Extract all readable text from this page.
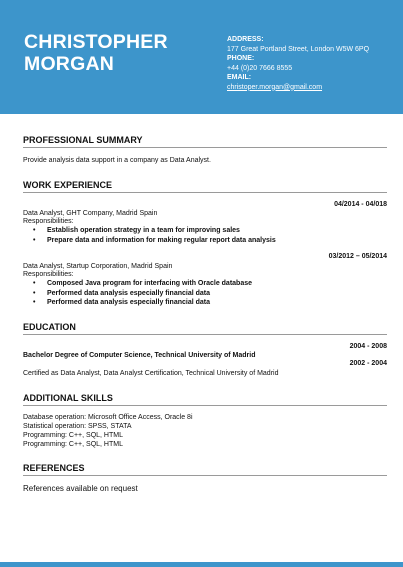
CHRISTOPHER
MORGAN
ADDRESS:
177 Great Portland Street, London W5W 6PQ
PHONE:
+44 (0)20 7666 8555
EMAIL:
christoper.morgan@gmail.com
PROFESSIONAL SUMMARY
Provide analysis data support in a company as Data Analyst.
WORK EXPERIENCE
04/2014 - 04/018
Data Analyst, GHT Company, Madrid Spain
Responsibilities:
• Establish operation strategy in a team for improving sales
• Prepare data and information for making regular report data analysis
03/2012 – 05/2014
Data Analyst, Startup Corporation, Madrid Spain
Responsibilities:
• Composed Java program for interfacing with Oracle database
• Performed data analysis especially financial data
• Performed data analysis especially financial data
EDUCATION
2004 - 2008
Bachelor Degree of Computer Science, Technical University of Madrid
2002 - 2004
Certified as Data Analyst, Data Analyst Certification, Technical University of Madrid
ADDITIONAL SKILLS
Database operation: Microsoft Office Access, Oracle 8i
Statistical operation: SPSS, STATA
Programming: C++, SQL, HTML
Programming: C++, SQL, HTML
REFERENCES
References available on request
